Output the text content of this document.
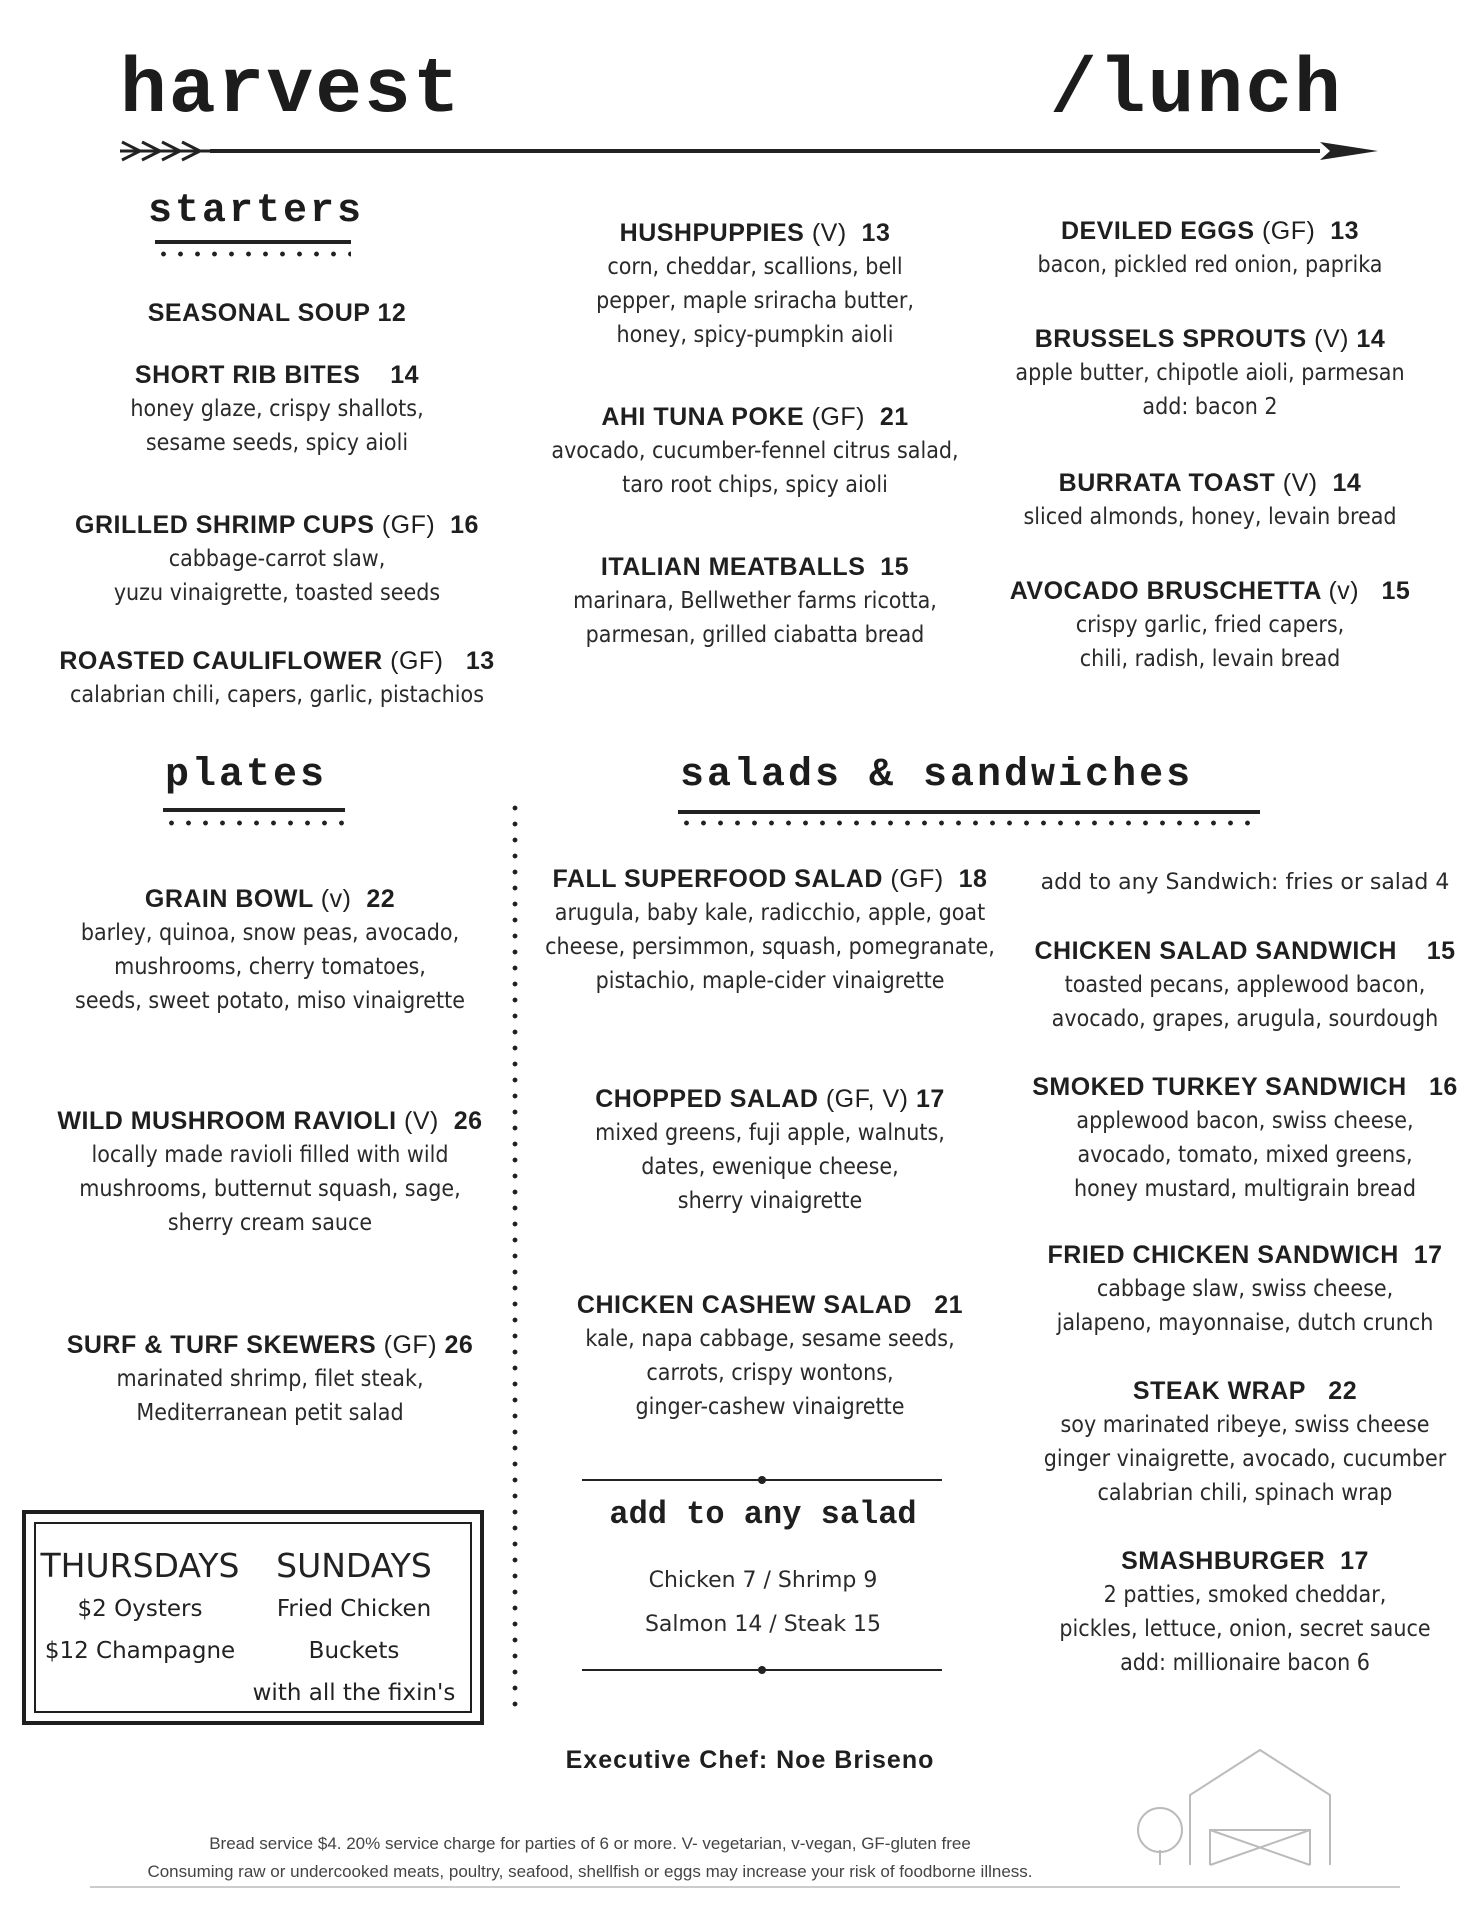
harvest	/lunch
starters
plates	salads & sandwiches
SEASONAL SOUP 12
SHORT RIB BITES 14
honey glaze, crispy shallots,
sesame seeds, spicy aioli
GRILLED SHRIMP CUPS (GF) 16
cabbage-carrot slaw,
yuzu vinaigrette, toasted seeds
ROASTED CAULIFLOWER (GF) 13
calabrian chili, capers, garlic, pistachios
HUSHPUPPIES (V) 13
corn, cheddar, scallions, bell
pepper, maple sriracha butter,
honey, spicy-pumpkin aioli
AHI TUNA POKE (GF) 21
avocado, cucumber-fennel citrus salad,
taro root chips, spicy aioli
ITALIAN MEATBALLS 15
marinara, Bellwether farms ricotta,
parmesan, grilled ciabatta bread
DEVILED EGGS (GF) 13
bacon, pickled red onion, paprika
BRUSSELS SPROUTS (V) 14
apple butter, chipotle aioli, parmesan
add: bacon 2
BURRATA TOAST (V) 14
sliced almonds, honey, levain bread
AVOCADO BRUSCHETTA (v) 15
crispy garlic, fried capers,
chili, radish, levain bread
GRAIN BOWL (v) 22
barley, quinoa, snow peas, avocado,
mushrooms, cherry tomatoes,
seeds, sweet potato, miso vinaigrette
WILD MUSHROOM RAVIOLI (V) 26
locally made ravioli filled with wild
mushrooms, butternut squash, sage,
sherry cream sauce
SURF & TURF SKEWERS (GF) 26
marinated shrimp, filet steak,
Mediterranean petit salad
THURSDAYS
$2 Oysters
$12 Champagne
SUNDAYS
Fried Chicken Buckets
with all the fixin's
FALL SUPERFOOD SALAD (GF) 18
arugula, baby kale, radicchio, apple, goat
cheese, persimmon, squash, pomegranate,
pistachio, maple-cider vinaigrette
CHOPPED SALAD (GF, V) 17
mixed greens, fuji apple, walnuts,
dates, ewenique cheese,
sherry vinaigrette
CHICKEN CASHEW SALAD 21
kale, napa cabbage, sesame seeds,
carrots, crispy wontons,
ginger-cashew vinaigrette
add to any salad
Chicken 7 / Shrimp 9
Salmon 14 / Steak 15
add to any Sandwich: fries or salad 4
CHICKEN SALAD SANDWICH 15
toasted pecans, applewood bacon,
avocado, grapes, arugula, sourdough
SMOKED TURKEY SANDWICH 16
applewood bacon, swiss cheese,
avocado, tomato, mixed greens,
honey mustard, multigrain bread
FRIED CHICKEN SANDWICH 17
cabbage slaw, swiss cheese,
jalapeno, mayonnaise, dutch crunch
STEAK WRAP 22
soy marinated ribeye, swiss cheese
ginger vinaigrette, avocado, cucumber
calabrian chili, spinach wrap
SMASHBURGER 17
2 patties, smoked cheddar,
pickles, lettuce, onion, secret sauce
add: millionaire bacon 6
Executive Chef: Noe Briseno
Bread service $4. 20% service charge for parties of 6 or more. V- vegetarian, v-vegan, GF-gluten free
Consuming raw or undercooked meats, poultry, seafood, shellfish or eggs may increase your risk of foodborne illness.
